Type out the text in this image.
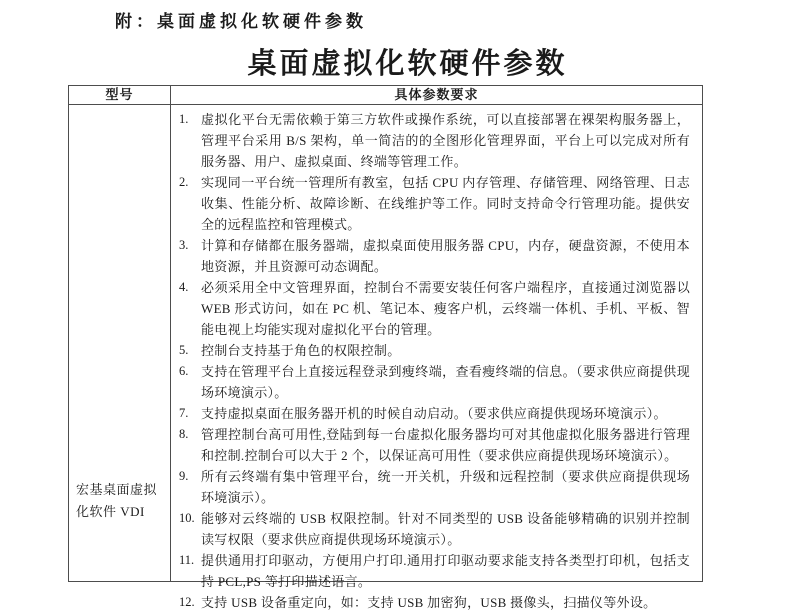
附：桌面虚拟化软硬件参数
桌面虚拟化软硬件参数
型号	具体参数要求
宏基桌面虚拟化软件 VDI
1. 虚拟化平台无需依赖于第三方软件或操作系统，可以直接部署在裸架构服务器上，管理平台采用 B/S 架构，单一简洁的的全图形化管理界面，平台上可以完成对所有服务器、用户、虚拟桌面、终端等管理工作。
2. 实现同一平台统一管理所有教室，包括 CPU 内存管理、存储管理、网络管理、日志收集、性能分析、故障诊断、在线维护等工作。同时支持命令行管理功能。提供安全的远程监控和管理模式。
3. 计算和存储都在服务器端，虚拟桌面使用服务器 CPU，内存，硬盘资源，不使用本地资源，并且资源可动态调配。
4. 必须采用全中文管理界面，控制台不需要安装任何客户端程序，直接通过浏览器以 WEB 形式访问，如在 PC 机、笔记本、瘦客户机，云终端一体机、手机、平板、智能电视上均能实现对虚拟化平台的管理。
5. 控制台支持基于角色的权限控制。
6. 支持在管理平台上直接远程登录到瘦终端，查看瘦终端的信息。（要求供应商提供现场环境演示）。
7. 支持虚拟桌面在服务器开机的时候自动启动。（要求供应商提供现场环境演示）。
8. 管理控制台高可用性,登陆到每一台虚拟化服务器均可对其他虚拟化服务器进行管理和控制.控制台可以大于 2 个，以保证高可用性（要求供应商提供现场环境演示）。
9. 所有云终端有集中管理平台，统一开关机，升级和远程控制（要求供应商提供现场环境演示）。
10. 能够对云终端的 USB 权限控制。针对不同类型的 USB 设备能够精确的识别并控制读写权限（要求供应商提供现场环境演示）。
11. 提供通用打印驱动，方便用户打印.通用打印驱动要求能支持各类型打印机，包括支持 PCL,PS 等打印描述语言。
12. 支持 USB 设备重定向，如：支持 USB 加密狗，USB 摄像头，扫描仪等外设。
